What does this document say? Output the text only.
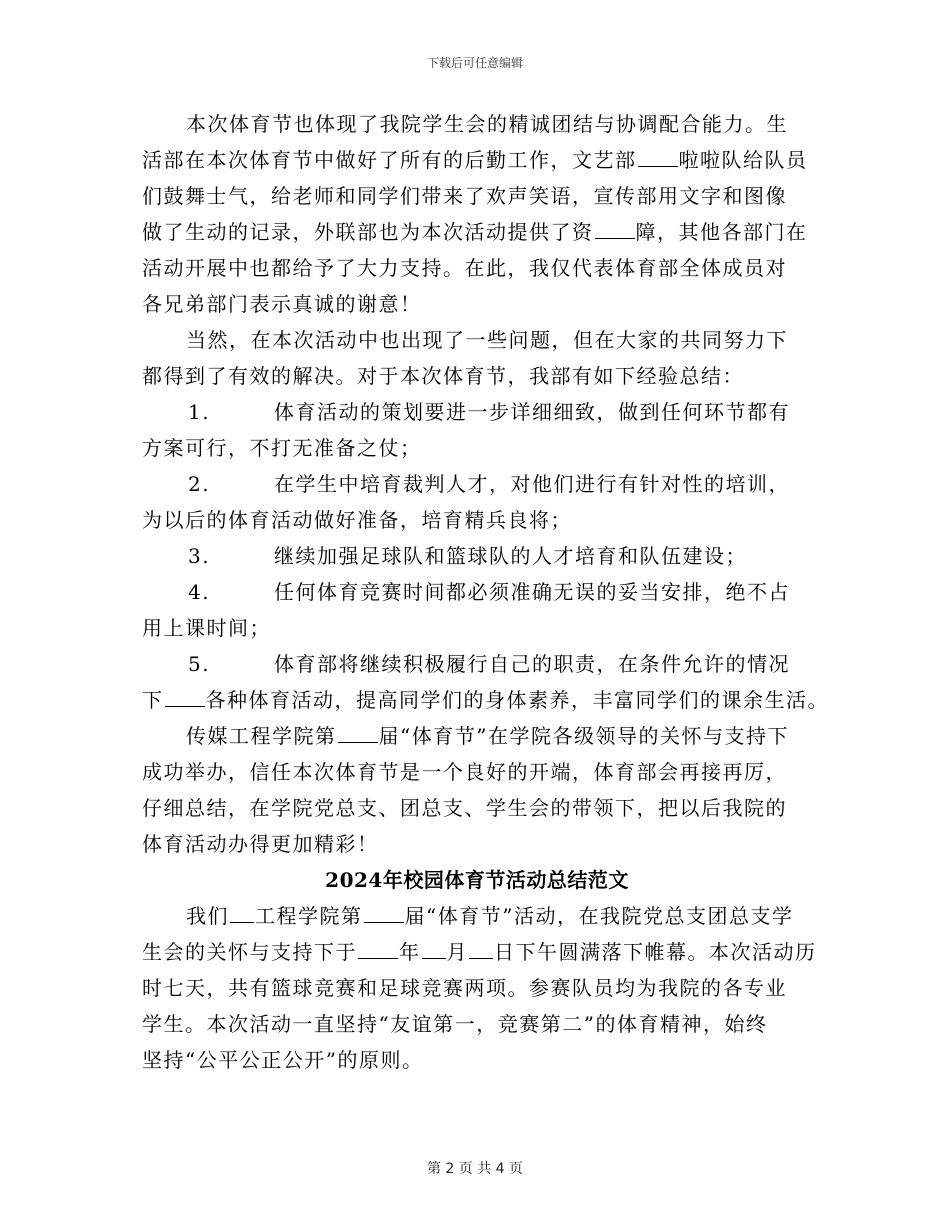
下载后可任意编辑
本次体育节也体现了我院学生会的精诚团结与协调配合能力。生
活部在本次体育节中做好了所有的后勤工作，文艺部 啦啦队给队员
们鼓舞士气，给老师和同学们带来了欢声笑语，宣传部用文字和图像
做了生动的记录，外联部也为本次活动提供了资 障，其他各部门在
活动开展中也都给予了大力支持。在此，我仅代表体育部全体成员对
各兄弟部门表示真诚的谢意！
当然，在本次活动中也出现了一些问题，但在大家的共同努力下
都得到了有效的解决。对于本次体育节，我部有如下经验总结：
1.	体育活动的策划要进一步详细细致，做到任何环节都有
方案可行，不打无准备之仗；
2.	在学生中培育裁判人才，对他们进行有针对性的培训，
为以后的体育活动做好准备，培育精兵良将；
3.	继续加强足球队和篮球队的人才培育和队伍建设；
4.	任何体育竞赛时间都必须准确无误的妥当安排，绝不占
用上课时间；
5.	体育部将继续积极履行自己的职责，在条件允许的情况
下 各种体育活动，提高同学们的身体素养，丰富同学们的课余生活。
传媒工程学院第 届“体育节”在学院各级领导的关怀与支持下
成功举办，信任本次体育节是一个良好的开端，体育部会再接再厉，
仔细总结，在学院党总支、团总支、学生会的带领下，把以后我院的
体育活动办得更加精彩！
2024年校园体育节活动总结范文
我们 工程学院第 届“体育节”活动，在我院党总支团总支学
生会的关怀与支持下于 年 月 日下午圆满落下帷幕。本次活动历
时七天，共有篮球竞赛和足球竞赛两项。参赛队员均为我院的各专业
学生。本次活动一直坚持“友谊第一，竞赛第二”的体育精神，始终
坚持“公平公正公开”的原则。
第 2 页 共 4 页
